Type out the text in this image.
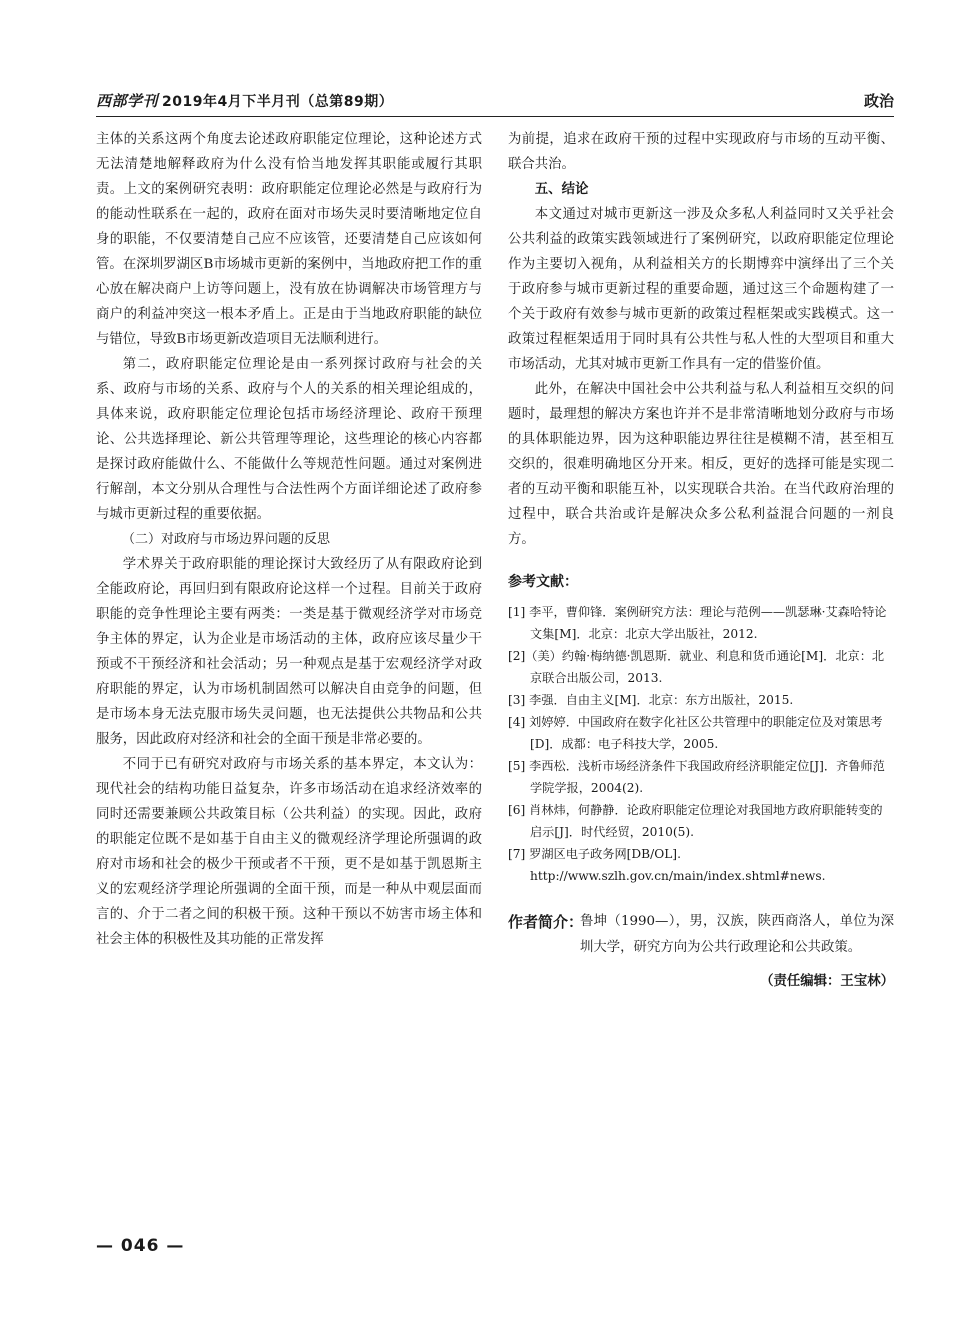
西部学刊 2019年4月下半月刊（总第89期）	政治

主体的关系这两个角度去论述政府职能定位理论，这种论述方式无法清楚地解释政府为什么没有恰当地发挥其职能或履行其职责。上文的案例研究表明：政府职能定位理论必然是与政府行为的能动性联系在一起的，政府在面对市场失灵时要清晰地定位自身的职能，不仅要清楚自己应不应该管，还要清楚自己应该如何管。在深圳罗湖区B市场城市更新的案例中，当地政府把工作的重心放在解决商户上访等问题上，没有放在协调解决市场管理方与商户的利益冲突这一根本矛盾上。正是由于当地政府职能的缺位与错位，导致B市场更新改造项目无法顺利进行。

第二，政府职能定位理论是由一系列探讨政府与社会的关系、政府与市场的关系、政府与个人的关系的相关理论组成的，具体来说，政府职能定位理论包括市场经济理论、政府干预理论、公共选择理论、新公共管理等理论，这些理论的核心内容都是探讨政府能做什么、不能做什么等规范性问题。通过对案例进行解剖，本文分别从合理性与合法性两个方面详细论述了政府参与城市更新过程的重要依据。

（二）对政府与市场边界问题的反思

学术界关于政府职能的理论探讨大致经历了从有限政府论到全能政府论，再回归到有限政府论这样一个过程。目前关于政府职能的竞争性理论主要有两类：一类是基于微观经济学对市场竞争主体的界定，认为企业是市场活动的主体，政府应该尽量少干预或不干预经济和社会活动；另一种观点是基于宏观经济学对政府职能的界定，认为市场机制固然可以解决自由竞争的问题，但是市场本身无法克服市场失灵问题，也无法提供公共物品和公共服务，因此政府对经济和社会的全面干预是非常必要的。

不同于已有研究对政府与市场关系的基本界定，本文认为：现代社会的结构功能日益复杂，许多市场活动在追求经济效率的同时还需要兼顾公共政策目标（公共利益）的实现。因此，政府的职能定位既不是如基于自由主义的微观经济学理论所强调的政府对市场和社会的极少干预或者不干预，更不是如基于凯恩斯主义的宏观经济学理论所强调的全面干预，而是一种从中观层面而言的、介于二者之间的积极干预。这种干预以不妨害市场主体和社会主体的积极性及其功能的正常发挥

为前提，追求在政府干预的过程中实现政府与市场的互动平衡、联合共治。

五、结论

本文通过对城市更新这一涉及众多私人利益同时又关乎社会公共利益的政策实践领域进行了案例研究，以政府职能定位理论作为主要切入视角，从利益相关方的长期博弈中演绎出了三个关于政府参与城市更新过程的重要命题，通过这三个命题构建了一个关于政府有效参与城市更新的政策过程框架或实践模式。这一政策过程框架适用于同时具有公共性与私人性的大型项目和重大市场活动，尤其对城市更新工作具有一定的借鉴价值。

此外，在解决中国社会中公共利益与私人利益相互交织的问题时，最理想的解决方案也许并不是非常清晰地划分政府与市场的具体职能边界，因为这种职能边界往往是模糊不清，甚至相互交织的，很难明确地区分开来。相反，更好的选择可能是实现二者的互动平衡和职能互补，以实现联合共治。在当代政府治理的过程中，联合共治或许是解决众多公私利益混合问题的一剂良方。

参考文献：
[1] 李平，曹仰锋．案例研究方法：理论与范例——凯瑟琳·艾森哈特论文集[M]．北京：北京大学出版社，2012.
[2]（美）约翰·梅纳德·凯恩斯．就业、利息和货币通论[M]．北京：北京联合出版公司，2013.
[3] 李强．自由主义[M]．北京：东方出版社，2015.
[4] 刘婷婷．中国政府在数字化社区公共管理中的职能定位及对策思考[D]．成都：电子科技大学，2005.
[5] 李西松．浅析市场经济条件下我国政府经济职能定位[J]．齐鲁师范学院学报，2004(2).
[6] 肖林炜，何静静．论政府职能定位理论对我国地方政府职能转变的启示[J]．时代经贸，2010(5).
[7] 罗湖区电子政务网[DB/OL].
http://www.szlh.gov.cn/main/index.shtml#news.
作者简介：
鲁坤（1990—），男，汉族，陕西商洛人，单位为深圳大学，研究方向为公共行政理论和公共政策。
（责任编辑：王宝林）
— 046 —
